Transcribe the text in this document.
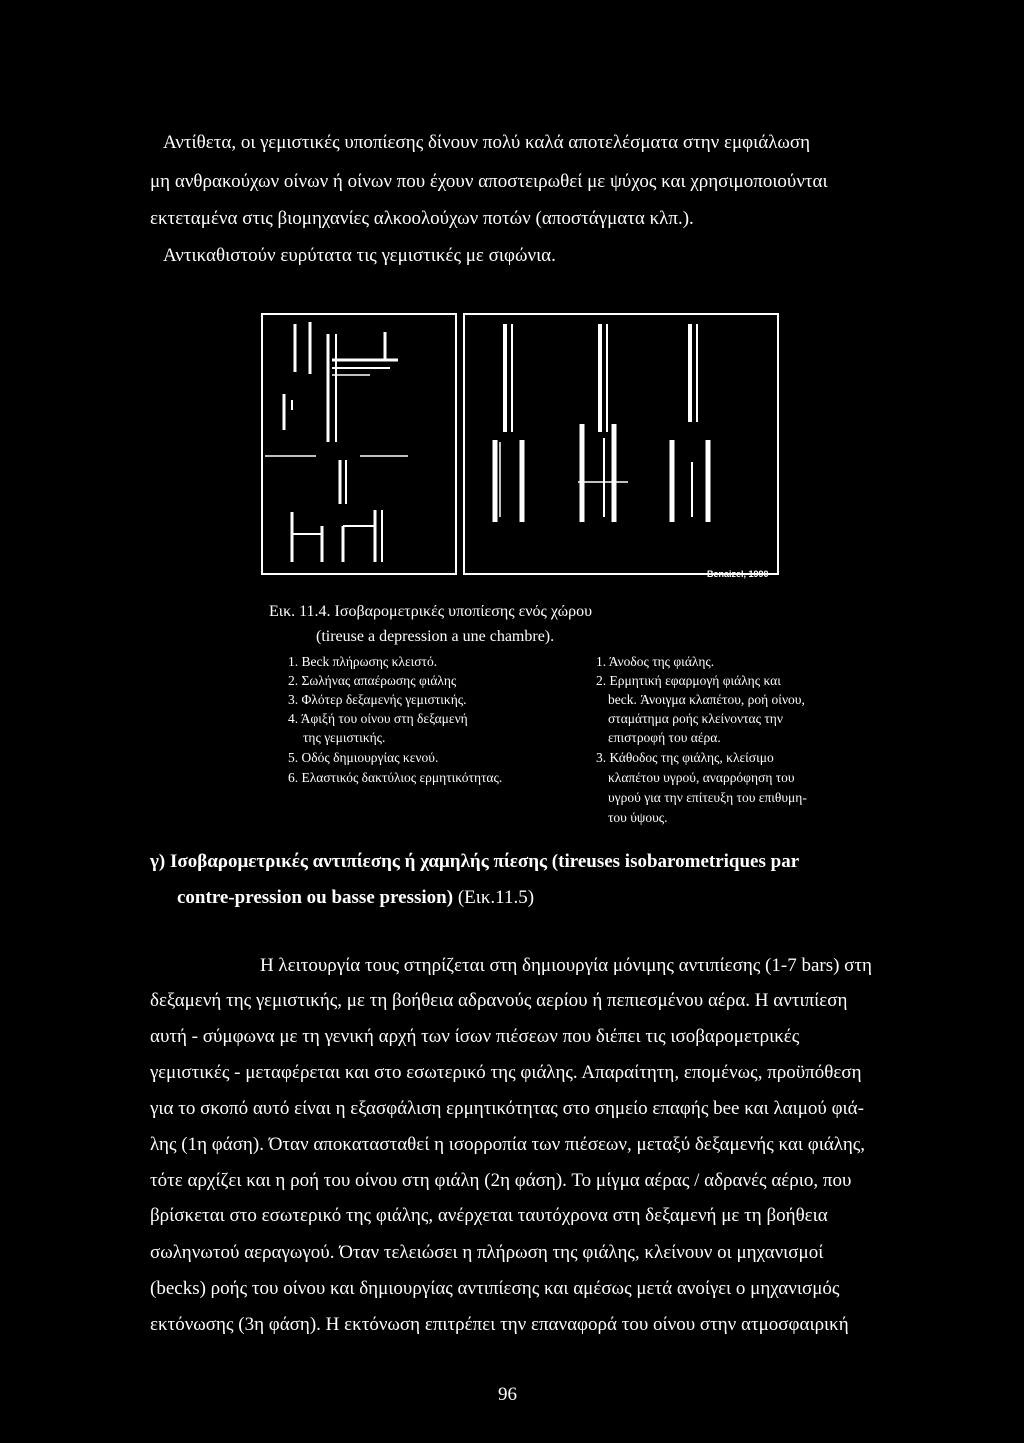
Αντίθετα, οι γεμιστικές υποπίεσης δίνουν πολύ καλά αποτελέσματα στην εμφιάλωση
μη ανθρακούχων οίνων ή οίνων που έχουν αποστειρωθεί με ψύχος και χρησιμοποιούνται
εκτεταμένα στις βιομηχανίες αλκοολούχων ποτών (αποστάγματα κλπ.).
Αντικαθιστούν ευρύτατα τις γεμιστικές με σιφώνια.
Benaizel, 1990
Εικ. 11.4. Ισοβαρομετρικές υποπίεσης ενός χώρου
(tireuse a depression a une chambre).
1. Beck πλήρωσης κλειστό.
2. Σωλήνας απαέρωσης φιάλης
3. Φλότερ δεξαμενής γεμιστικής.
4. Άφιξή του οίνου στη δεξαμενή
της γεμιστικής.
5. Οδός δημιουργίας κενού.
6. Ελαστικός δακτύλιος ερμητικότητας.
1. Άνοδος της φιάλης.
2. Ερμητική εφαρμογή φιάλης και
beck. Άνοιγμα κλαπέτου, ροή οίνου,
σταμάτημα ροής κλείνοντας την
επιστροφή του αέρα.
3. Κάθοδος της φιάλης, κλείσιμο
κλαπέτου υγρού, αναρρόφηση του
υγρού για την επίτευξη του επιθυμη-
του ύψους.
γ) Ισοβαρομετρικές αντιπίεσης ή χαμηλής πίεσης (tireuses isobarometriques par
contre-pression ou basse pression) (Εικ.11.5)
Η λειτουργία τους στηρίζεται στη δημιουργία μόνιμης αντιπίεσης (1-7 bars) στη
δεξαμενή της γεμιστικής, με τη βοήθεια αδρανούς αερίου ή πεπιεσμένου αέρα. Η αντιπίεση
αυτή - σύμφωνα με τη γενική αρχή των ίσων πιέσεων που διέπει τις ισοβαρομετρικές
γεμιστικές - μεταφέρεται και στο εσωτερικό της φιάλης. Απαραίτητη, επομένως, προϋπόθεση
για το σκοπό αυτό είναι η εξασφάλιση ερμητικότητας στο σημείο επαφής bee και λαιμού φιά-
λης (1η φάση). Όταν αποκατασταθεί η ισορροπία των πιέσεων, μεταξύ δεξαμενής και φιάλης,
τότε αρχίζει και η ροή του οίνου στη φιάλη (2η φάση). Το μίγμα αέρας / αδρανές αέριο, που
βρίσκεται στο εσωτερικό της φιάλης, ανέρχεται ταυτόχρονα στη δεξαμενή με τη βοήθεια
σωληνωτού αεραγωγού. Όταν τελειώσει η πλήρωση της φιάλης, κλείνουν οι μηχανισμοί
(becks) ροής του οίνου και δημιουργίας αντιπίεσης και αμέσως μετά ανοίγει ο μηχανισμός
εκτόνωσης (3η φάση). Η εκτόνωση επιτρέπει την επαναφορά του οίνου στην ατμοσφαιρική
96
